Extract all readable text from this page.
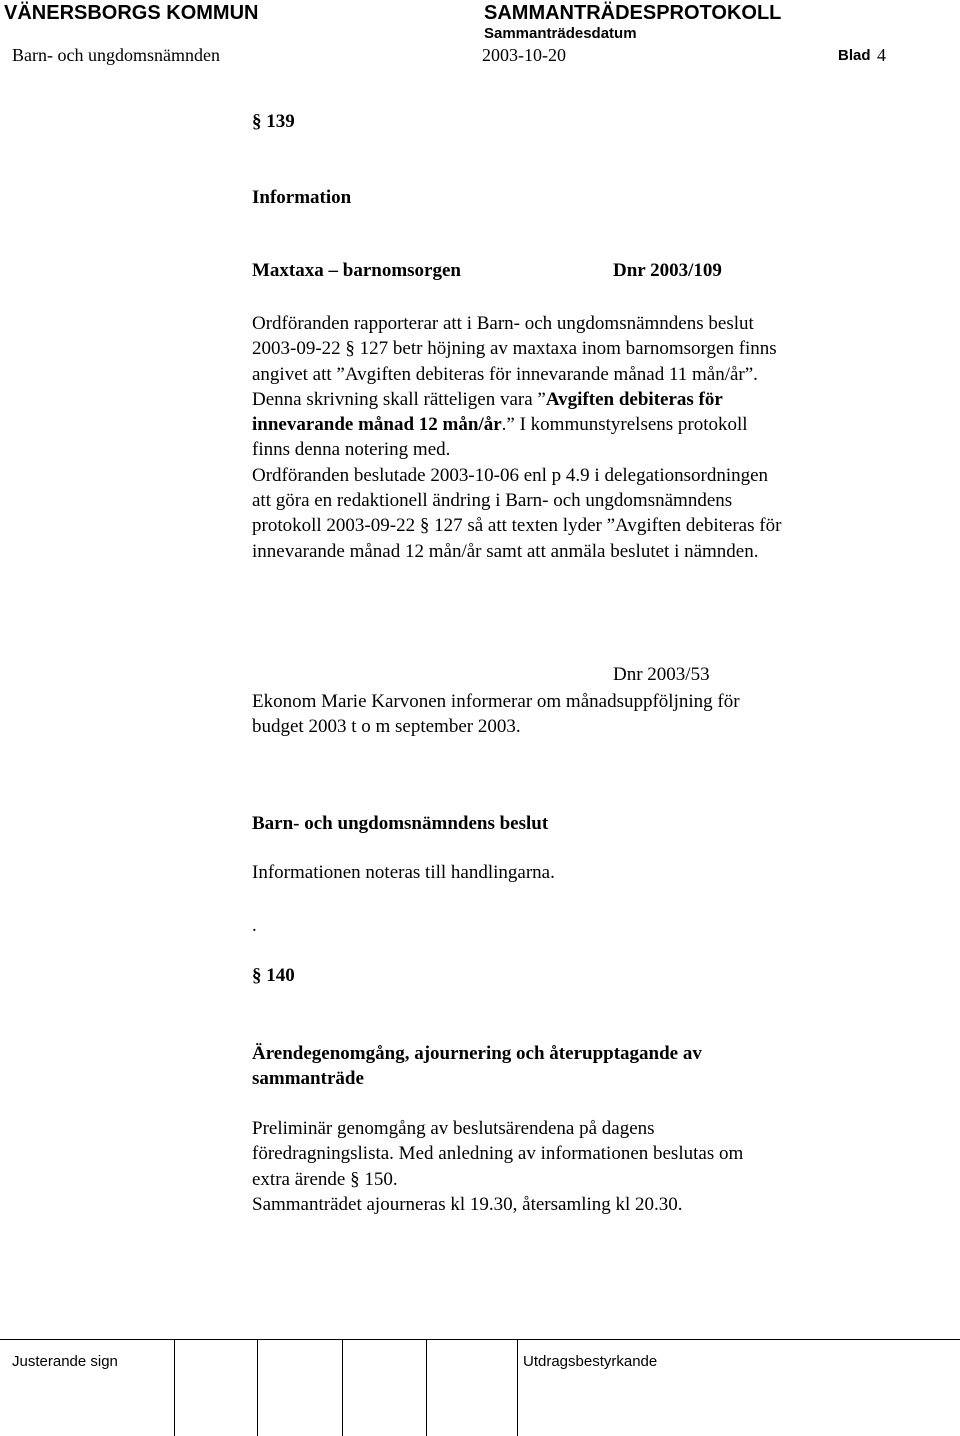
VÄNERSBORGS KOMMUN	SAMMANTRÄDESPROTOKOLL
Sammanträdesdatum
Barn- och ungdomsnämnden	2003-10-20	Blad 4
§ 139
Information
Maxtaxa – barnomsorgen	Dnr 2003/109
Ordföranden rapporterar att i Barn- och ungdomsnämndens beslut
2003-09-22 § 127 betr höjning av maxtaxa inom barnomsorgen finns
angivet att ”Avgiften debiteras för innevarande månad 11 mån/år”.
Denna skrivning skall rätteligen vara ”Avgiften debiteras för
innevarande månad 12 mån/år.” I kommunstyrelsens protokoll
finns denna notering med.
Ordföranden beslutade 2003-10-06 enl p 4.9 i delegationsordningen
att göra en redaktionell ändring i Barn- och ungdomsnämndens
protokoll 2003-09-22 § 127 så att texten lyder ”Avgiften debiteras för
innevarande månad 12 mån/år samt att anmäla beslutet i nämnden.
Dnr 2003/53
Ekonom Marie Karvonen informerar om månadsuppföljning för
budget 2003 t o m september 2003.
Barn- och ungdomsnämndens beslut
Informationen noteras till handlingarna.
.
§ 140
Ärendegenomgång, ajournering och återupptagande av
sammanträde
Preliminär genomgång av beslutsärendena på dagens
föredragningslista. Med anledning av informationen beslutas om
extra ärende § 150.
Sammanträdet ajourneras kl 19.30, återsamling kl 20.30.
Justerande sign	Utdragsbestyrkande
